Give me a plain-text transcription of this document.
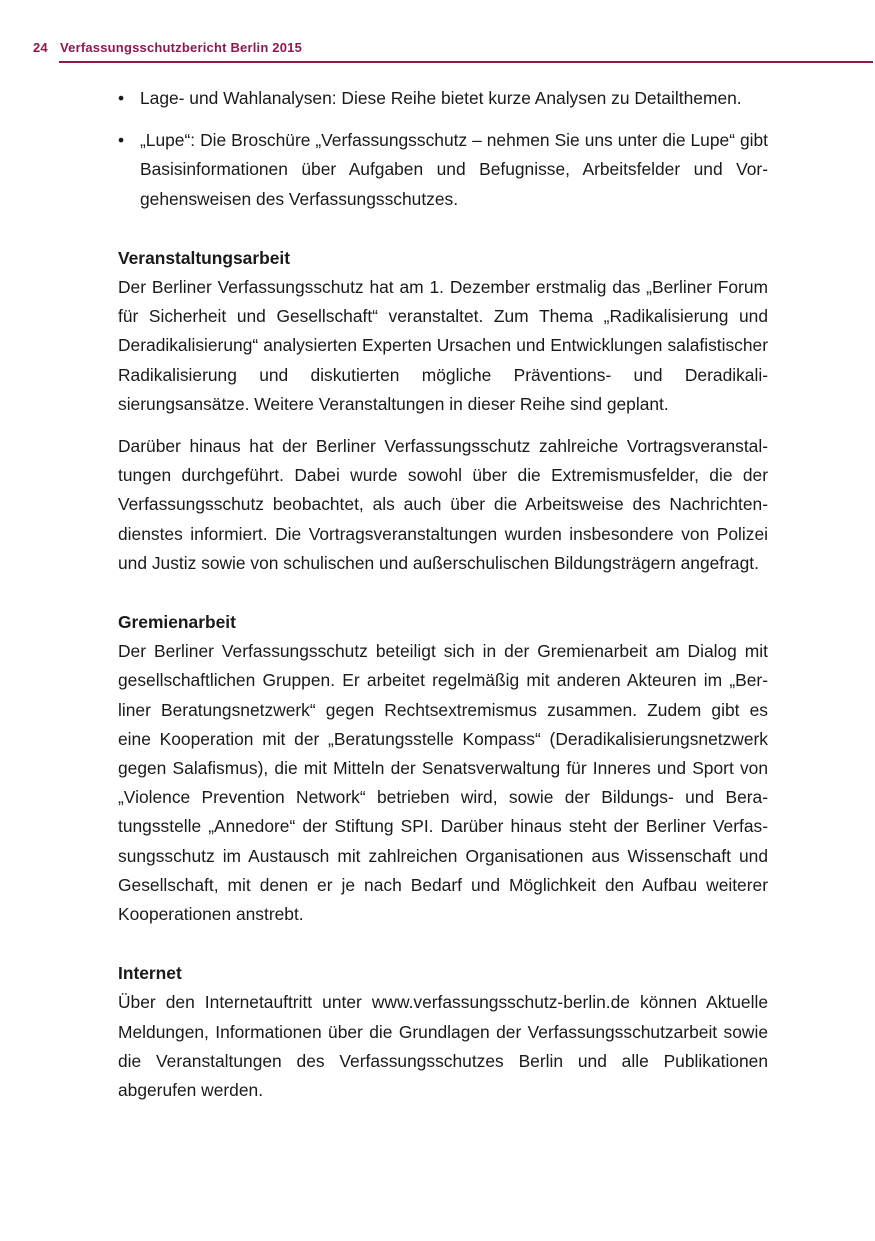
24 Verfassungsschutzbericht Berlin 2015
• Lage- und Wahlanalysen: Diese Reihe bietet kurze Analysen zu Detailthemen.
• „Lupe“: Die Broschüre „Verfassungsschutz – nehmen Sie uns unter die Lupe“ gibt Basisinformationen über Aufgaben und Befugnisse, Arbeitsfelder und Vorgehensweisen des Verfassungsschutzes.
Veranstaltungsarbeit

Der Berliner Verfassungsschutz hat am 1. Dezember erstmalig das „Berliner Forum für Sicherheit und Gesellschaft“ veranstaltet. Zum Thema „Radikalisierung und Deradikalisierung“ analysierten Experten Ursachen und Entwicklungen salafistischer Radikalisierung und diskutierten mögliche Präventions- und Deradikalisierungsansätze. Weitere Veranstaltungen in dieser Reihe sind geplant.

Darüber hinaus hat der Berliner Verfassungsschutz zahlreiche Vortragsveranstaltungen durchgeführt. Dabei wurde sowohl über die Extremismusfelder, die der Verfassungsschutz beobachtet, als auch über die Arbeitsweise des Nachrichtendienstes informiert. Die Vortragsveranstaltungen wurden insbesondere von Polizei und Justiz sowie von schulischen und außerschulischen Bildungsträgern angefragt.

Gremienarbeit

Der Berliner Verfassungsschutz beteiligt sich in der Gremienarbeit am Dialog mit gesellschaftlichen Gruppen. Er arbeitet regelmäßig mit anderen Akteuren im „Berliner Beratungsnetzwerk“ gegen Rechtsextremismus zusammen. Zudem gibt es eine Kooperation mit der „Beratungsstelle Kompass“ (Deradikalisierungsnetzwerk gegen Salafismus), die mit Mitteln der Senatsverwaltung für Inneres und Sport von „Violence Prevention Network“ betrieben wird, sowie der Bildungs- und Beratungsstelle „Annedore“ der Stiftung SPI. Darüber hinaus steht der Berliner Verfassungsschutz im Austausch mit zahlreichen Organisationen aus Wissenschaft und Gesellschaft, mit denen er je nach Bedarf und Möglichkeit den Aufbau weiterer Kooperationen anstrebt.

Internet

Über den Internetauftritt unter www.verfassungsschutz-berlin.de können Aktuelle Meldungen, Informationen über die Grundlagen der Verfassungsschutzarbeit sowie die Veranstaltungen des Verfassungsschutzes Berlin und alle Publikationen abgerufen werden.
